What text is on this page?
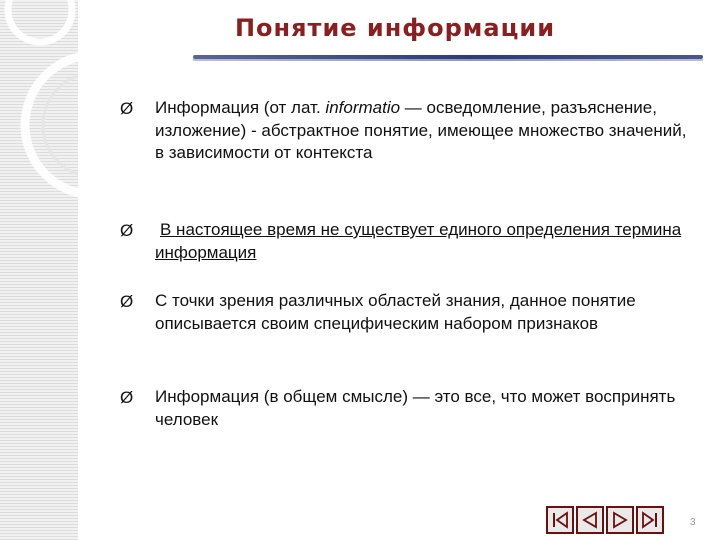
Понятие информации
Ø Информация (от лат. informatio — осведомление, разъяснение, изложение) - абстрактное понятие, имеющее множество значений, в зависимости от контекста
Ø В настоящее время не существует единого определения термина информация
Ø С точки зрения различных областей знания, данное понятие описывается своим специфическим набором признаков
Ø Информация (в общем смысле) — это все, что может воспринять человек
3
